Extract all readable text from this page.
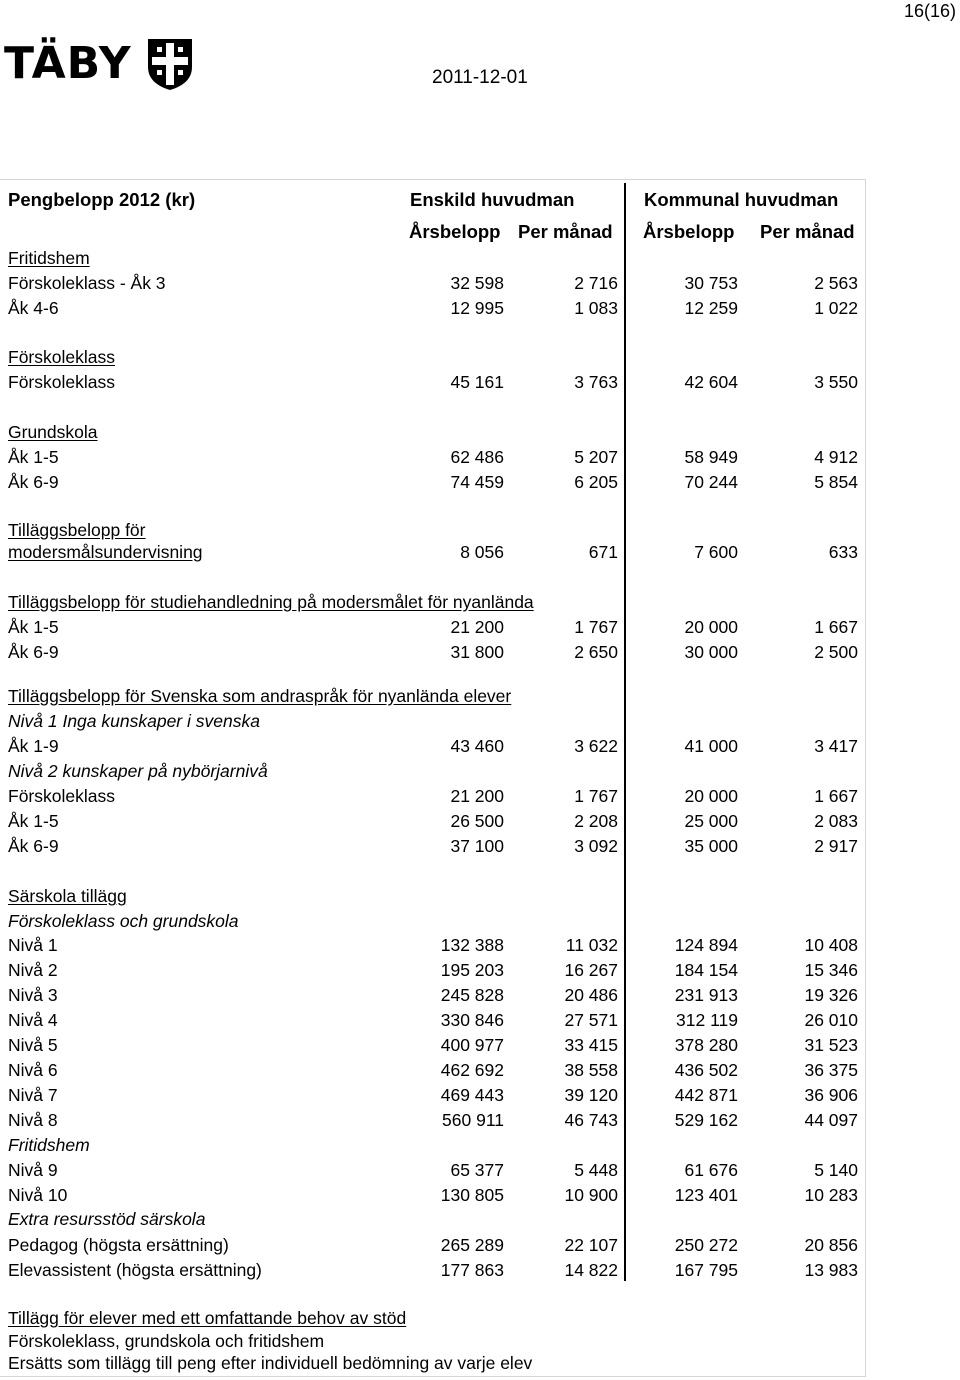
16(16)
TÄBY	2011-12-01
Pengbelopp 2012 (kr)	Enskild huvudman	Kommunal huvudman
Årsbelopp Per månad Årsbelopp Per månad
Fritidshem
Förskoleklass - Åk 3	32 598	2 716	30 753	2 563
Åk 4-6	12 995	1 083	12 259	1 022
Förskoleklass
Förskoleklass	45 161	3 763	42 604	3 550
Grundskola
Åk 1-5	62 486	5 207	58 949	4 912
Åk 6-9	74 459	6 205	70 244	5 854
Tilläggsbelopp för
modersmålsundervisning	8 056	671	7 600	633
Tilläggsbelopp för studiehandledning på modersmålet för nyanlända
Åk 1-5	21 200	1 767	20 000	1 667
Åk 6-9	31 800	2 650	30 000	2 500
Tilläggsbelopp för Svenska som andraspråk för nyanlända elever
Nivå 1 Inga kunskaper i svenska
Åk 1-9	43 460	3 622	41 000	3 417
Nivå 2 kunskaper på nybörjarnivå
Förskoleklass	21 200	1 767	20 000	1 667
Åk 1-5	26 500	2 208	25 000	2 083
Åk 6-9	37 100	3 092	35 000	2 917
Särskola tillägg
Förskoleklass och grundskola
Nivå 1	132 388	11 032	124 894	10 408
Nivå 2	195 203	16 267	184 154	15 346
Nivå 3	245 828	20 486	231 913	19 326
Nivå 4	330 846	27 571	312 119	26 010
Nivå 5	400 977	33 415	378 280	31 523
Nivå 6	462 692	38 558	436 502	36 375
Nivå 7	469 443	39 120	442 871	36 906
Nivå 8	560 911	46 743	529 162	44 097
Fritidshem
Nivå 9	65 377	5 448	61 676	5 140
Nivå 10	130 805	10 900	123 401	10 283
Extra resursstöd särskola
Pedagog (högsta ersättning)	265 289	22 107	250 272	20 856
Elevassistent (högsta ersättning)	177 863	14 822	167 795	13 983
Tillägg för elever med ett omfattande behov av stöd
Förskoleklass, grundskola och fritidshem
Ersätts som tillägg till peng efter individuell bedömning av varje elev
